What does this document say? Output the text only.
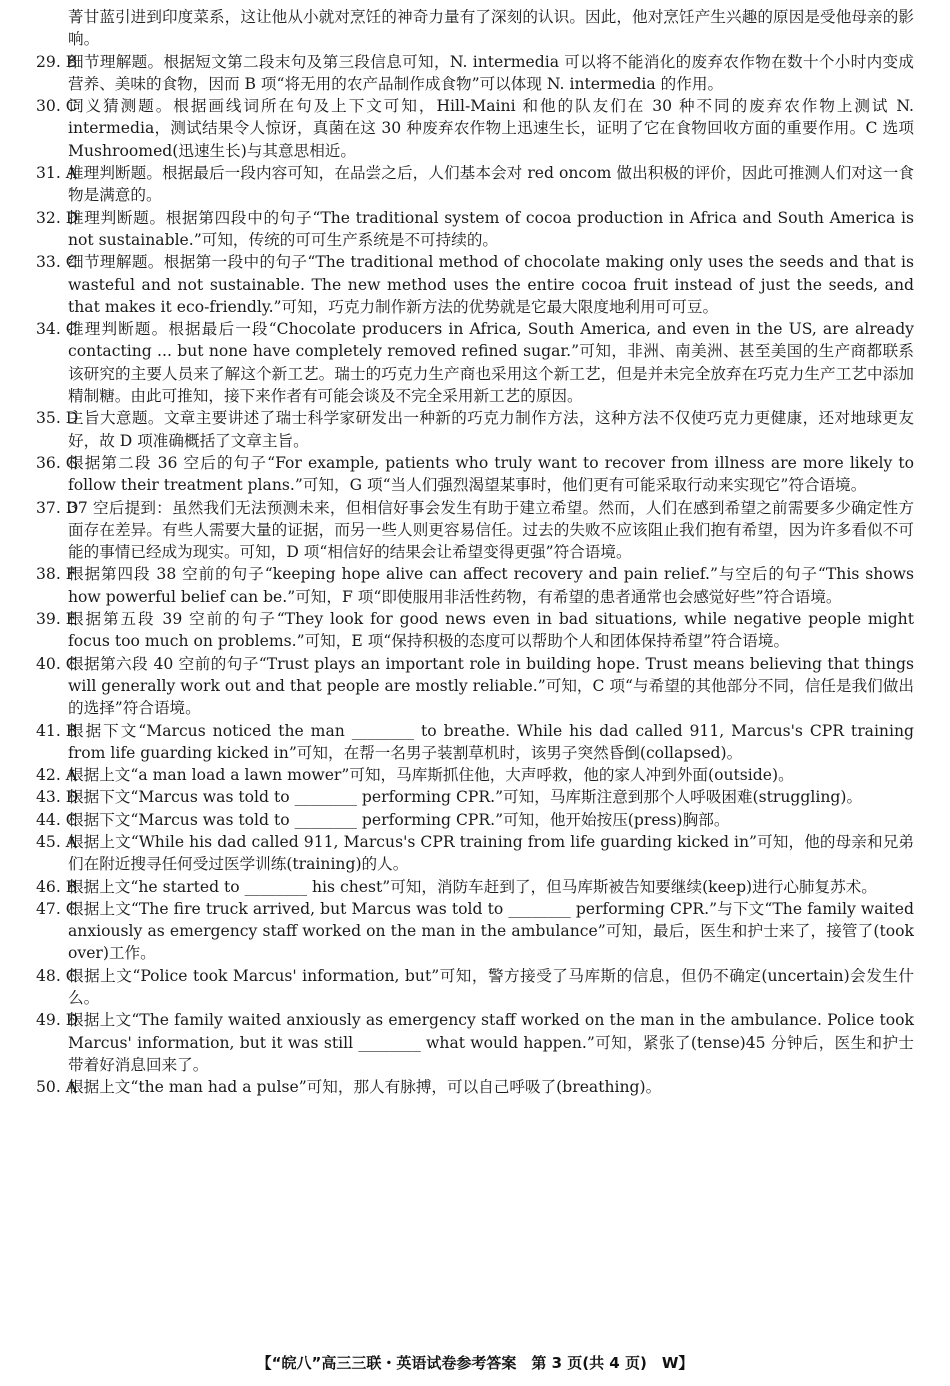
菁甘蓝引进到印度菜系，这让他从小就对烹饪的神奇力量有了深刻的认识。因此，他对烹饪产生兴趣的原因是受他母亲的影响。

29. B
细节理解题。根据短文第二段末句及第三段信息可知，N. intermedia 可以将不能消化的废弃农作物在数十个小时内变成营养、美味的食物，因而 B 项“将无用的农产品制作成食物”可以体现 N. intermedia 的作用。
30. C
词义猜测题。根据画线词所在句及上下文可知，Hill-Maini 和他的队友们在 30 种不同的废弃农作物上测试 N. intermedia，测试结果令人惊讶，真菌在这 30 种废弃农作物上迅速生长，证明了它在食物回收方面的重要作用。C 选项 Mushroomed(迅速生长)与其意思相近。
31. A
推理判断题。根据最后一段内容可知，在品尝之后，人们基本会对 red oncom 做出积极的评价，因此可推测人们对这一食物是满意的。
32. D
推理判断题。根据第四段中的句子“The traditional system of cocoa production in Africa and South America is not sustainable.”可知，传统的可可生产系统是不可持续的。
33. C
细节理解题。根据第一段中的句子“The traditional method of chocolate making only uses the seeds and that is wasteful and not sustainable. The new method uses the entire cocoa fruit instead of just the seeds, and that makes it eco-friendly.”可知，巧克力制作新方法的优势就是它最大限度地利用可可豆。
34. C
推理判断题。根据最后一段“Chocolate producers in Africa, South America, and even in the US, are already contacting ... but none have completely removed refined sugar.”可知，非洲、南美洲、甚至美国的生产商都联系该研究的主要人员来了解这个新工艺。瑞士的巧克力生产商也采用这个新工艺，但是并未完全放弃在巧克力生产工艺中添加精制糖。由此可推知，接下来作者有可能会谈及不完全采用新工艺的原因。
35. D
主旨大意题。文章主要讲述了瑞士科学家研发出一种新的巧克力制作方法，这种方法不仅使巧克力更健康，还对地球更友好，故 D 项准确概括了文章主旨。
36. G
根据第二段 36 空后的句子“For example, patients who truly want to recover from illness are more likely to follow their treatment plans.”可知，G 项“当人们强烈渴望某事时，他们更有可能采取行动来实现它”符合语境。
37. D
37 空后提到：虽然我们无法预测未来，但相信好事会发生有助于建立希望。然而，人们在感到希望之前需要多少确定性方面存在差异。有些人需要大量的证据，而另一些人则更容易信任。过去的失败不应该阻止我们抱有希望，因为许多看似不可能的事情已经成为现实。可知，D 项“相信好的结果会让希望变得更强”符合语境。
38. F
根据第四段 38 空前的句子“keeping hope alive can affect recovery and pain relief.”与空后的句子“This shows how powerful belief can be.”可知，F 项“即使服用非活性药物，有希望的患者通常也会感觉好些”符合语境。
39. E
根据第五段 39 空前的句子“They look for good news even in bad situations, while negative people might focus too much on problems.”可知，E 项“保持积极的态度可以帮助个人和团体保持希望”符合语境。
40. C
根据第六段 40 空前的句子“Trust plays an important role in building hope. Trust means believing that things will generally work out and that people are mostly reliable.”可知，C 项“与希望的其他部分不同，信任是我们做出的选择”符合语境。
41. B
根据下文“Marcus noticed the man ________ to breathe. While his dad called 911, Marcus's CPR training from life guarding kicked in”可知，在帮一名男子装割草机时，该男子突然昏倒(collapsed)。
42. A
根据上文“a man load a lawn mower”可知，马库斯抓住他，大声呼救，他的家人冲到外面(outside)。
43. D
根据下文“Marcus was told to ________ performing CPR.”可知，马库斯注意到那个人呼吸困难(struggling)。
44. C
根据下文“Marcus was told to ________ performing CPR.”可知，他开始按压(press)胸部。
45. A
根据上文“While his dad called 911, Marcus's CPR training from life guarding kicked in”可知，他的母亲和兄弟们在附近搜寻任何受过医学训练(training)的人。
46. B
根据上文“he started to ________ his chest”可知，消防车赶到了，但马库斯被告知要继续(keep)进行心肺复苏术。
47. C
根据上文“The fire truck arrived, but Marcus was told to ________ performing CPR.”与下文“The family waited anxiously as emergency staff worked on the man in the ambulance”可知，最后，医生和护士来了，接管了(took over)工作。
48. C
根据上文“Police took Marcus' information, but”可知，警方接受了马库斯的信息，但仍不确定(uncertain)会发生什么。
49. D
根据上文“The family waited anxiously as emergency staff worked on the man in the ambulance. Police took Marcus' information, but it was still ________ what would happen.”可知，紧张了(tense)45 分钟后，医生和护士带着好消息回来了。
50. A
根据上文“the man had a pulse”可知，那人有脉搏，可以自己呼吸了(breathing)。
【“皖八”高三三联・英语试卷参考答案　第 3 页(共 4 页)　W】
